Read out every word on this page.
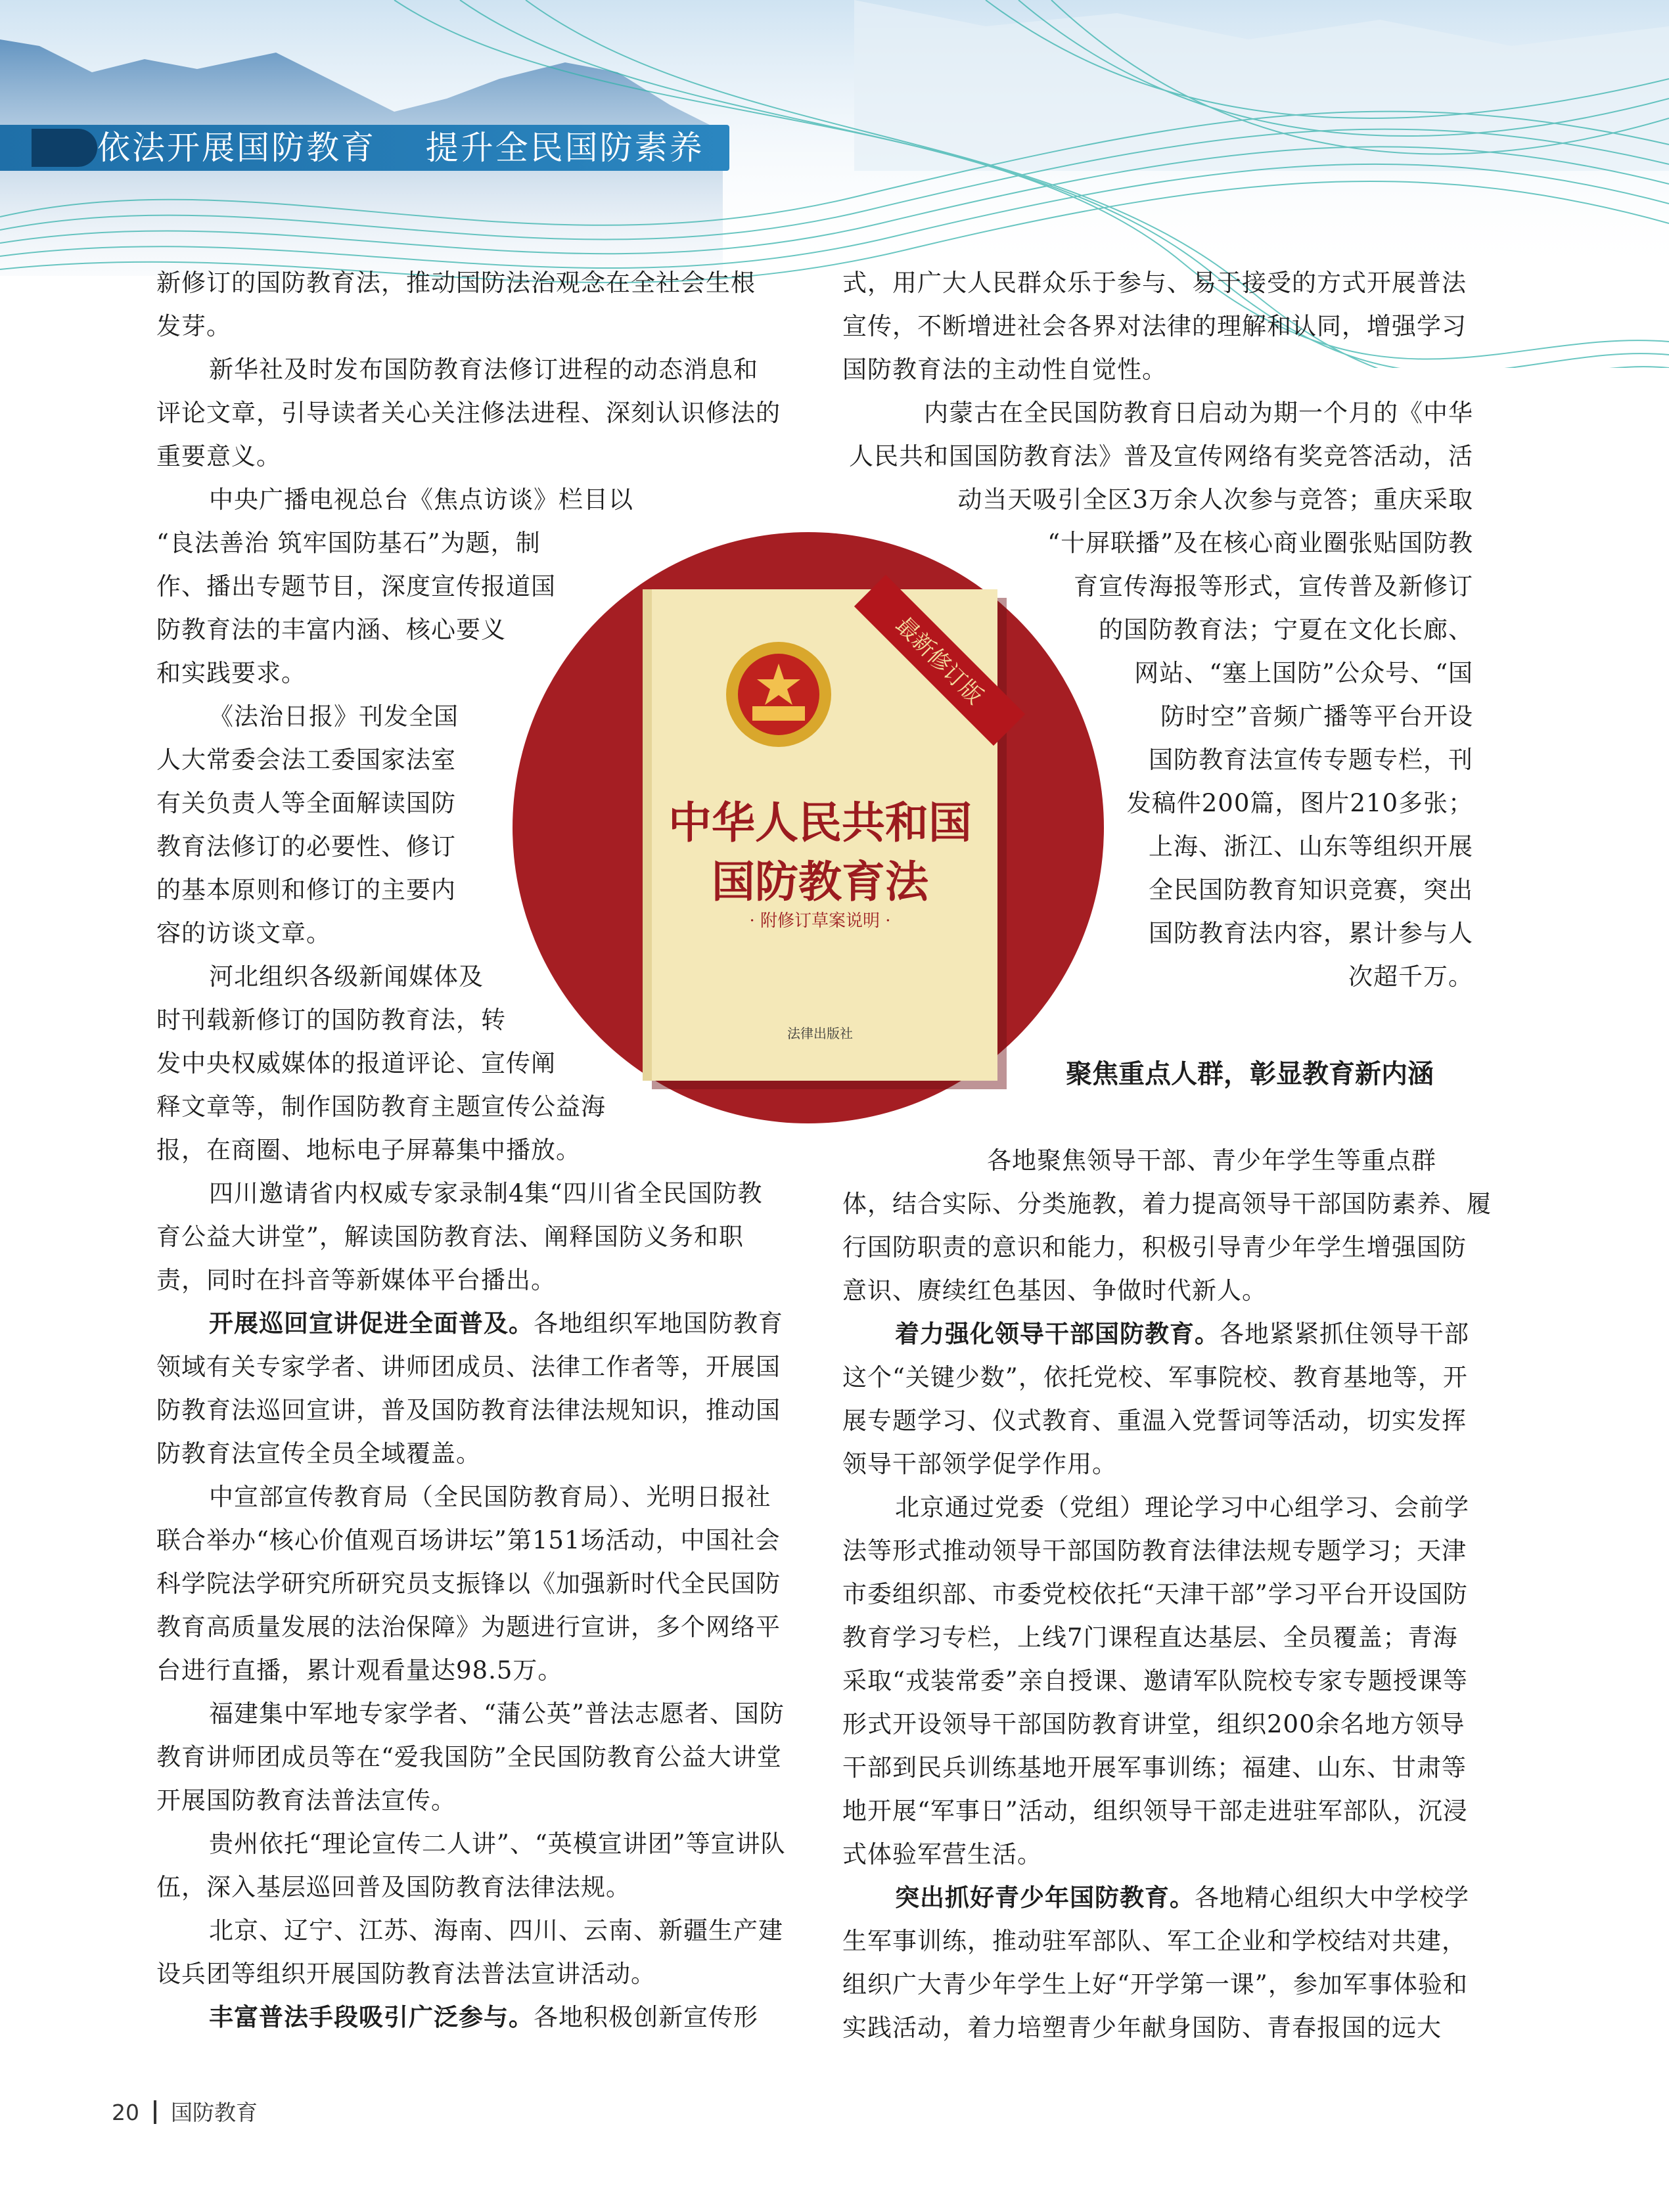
依法开展国防教育    提升全民国防素养

新修订的国防教育法，推动国防法治观念在全社会生根
发芽。

新华社及时发布国防教育法修订进程的动态消息和
评论文章，引导读者关心关注修法进程、深刻认识修法的
重要意义。

中央广播电视总台《焦点访谈》栏目以
“良法善治 筑牢国防基石”为题，制
作、播出专题节目，深度宣传报道国
防教育法的丰富内涵、核心要义
和实践要求。

《法治日报》刊发全国
人大常委会法工委国家法室
有关负责人等全面解读国防
教育法修订的必要性、修订
的基本原则和修订的主要内
容的访谈文章。

河北组织各级新闻媒体及
时刊载新修订的国防教育法，转
发中央权威媒体的报道评论、宣传阐
释文章等，制作国防教育主题宣传公益海
报，在商圈、地标电子屏幕集中播放。

四川邀请省内权威专家录制4集“四川省全民国防教育公益大讲堂”，解读国防教育法、阐释国防义务和职责，同时在抖音等新媒体平台播出。

开展巡回宣讲促进全面普及。各地组织军地国防教育领域有关专家学者、讲师团成员、法律工作者等，开展国防教育法巡回宣讲，普及国防教育法律法规知识，推动国防教育法宣传全员全域覆盖。

中宣部宣传教育局（全民国防教育局）、光明日报社联合举办“核心价值观百场讲坛”第151场活动，中国社会科学院法学研究所研究员支振锋以《加强新时代全民国防教育高质量发展的法治保障》为题进行宣讲，多个网络平台进行直播，累计观看量达98.5万。

福建集中军地专家学者、“蒲公英”普法志愿者、国防教育讲师团成员等在“爱我国防”全民国防教育公益大讲堂开展国防教育法普法宣传。

贵州依托“理论宣传二人讲”、“英模宣讲团”等宣讲队伍，深入基层巡回普及国防教育法律法规。

北京、辽宁、江苏、海南、四川、云南、新疆生产建设兵团等组织开展国防教育法普法宣讲活动。

丰富普法手段吸引广泛参与。各地积极创新宣传形

式，用广大人民群众乐于参与、易于接受的方式开展普法
宣传，不断增进社会各界对法律的理解和认同，增强学习
国防教育法的主动性自觉性。

内蒙古在全民国防教育日启动为期一个月的《中华
人民共和国国防教育法》普及宣传网络有奖竞答活动，活
动当天吸引全区3万余人次参与竞答；重庆采取
“十屏联播”及在核心商业圈张贴国防教
育宣传海报等形式，宣传普及新修订
的国防教育法；宁夏在文化长廊、
网站、“塞上国防”公众号、“国
防时空”音频广播等平台开设
国防教育法宣传专题专栏，刊
发稿件200篇，图片210多张；
上海、浙江、山东等组织开展
全民国防教育知识竞赛，突出
国防教育法内容，累计参与人
次超千万。

聚焦重点人群，彰显教育新内涵

各地聚焦领导干部、青少年学生等重点群
体，结合实际、分类施教，着力提高领导干部国防素养、履
行国防职责的意识和能力，积极引导青少年学生增强国防
意识、赓续红色基因、争做时代新人。

着力强化领导干部国防教育。各地紧紧抓住领导干部这个“关键少数”，依托党校、军事院校、教育基地等，开展专题学习、仪式教育、重温入党誓词等活动，切实发挥领导干部领学促学作用。

北京通过党委（党组）理论学习中心组学习、会前学法等形式推动领导干部国防教育法律法规专题学习；天津市委组织部、市委党校依托“天津干部”学习平台开设国防教育学习专栏，上线7门课程直达基层、全员覆盖；青海采取“戎装常委”亲自授课、邀请军队院校专家专题授课等形式开设领导干部国防教育讲堂，组织200余名地方领导干部到民兵训练基地开展军事训练；福建、山东、甘肃等地开展“军事日”活动，组织领导干部走进驻军部队，沉浸式体验军营生活。

突出抓好青少年国防教育。各地精心组织大中学校学生军事训练，推动驻军部队、军工企业和学校结对共建，组织广大青少年学生上好“开学第一课”，参加军事体验和实践活动，着力培塑青少年献身国防、青春报国的远大

最新修订版
中华人民共和国
国防教育法
· 附修订草案说明 ·
法律出版社
20 国防教育
